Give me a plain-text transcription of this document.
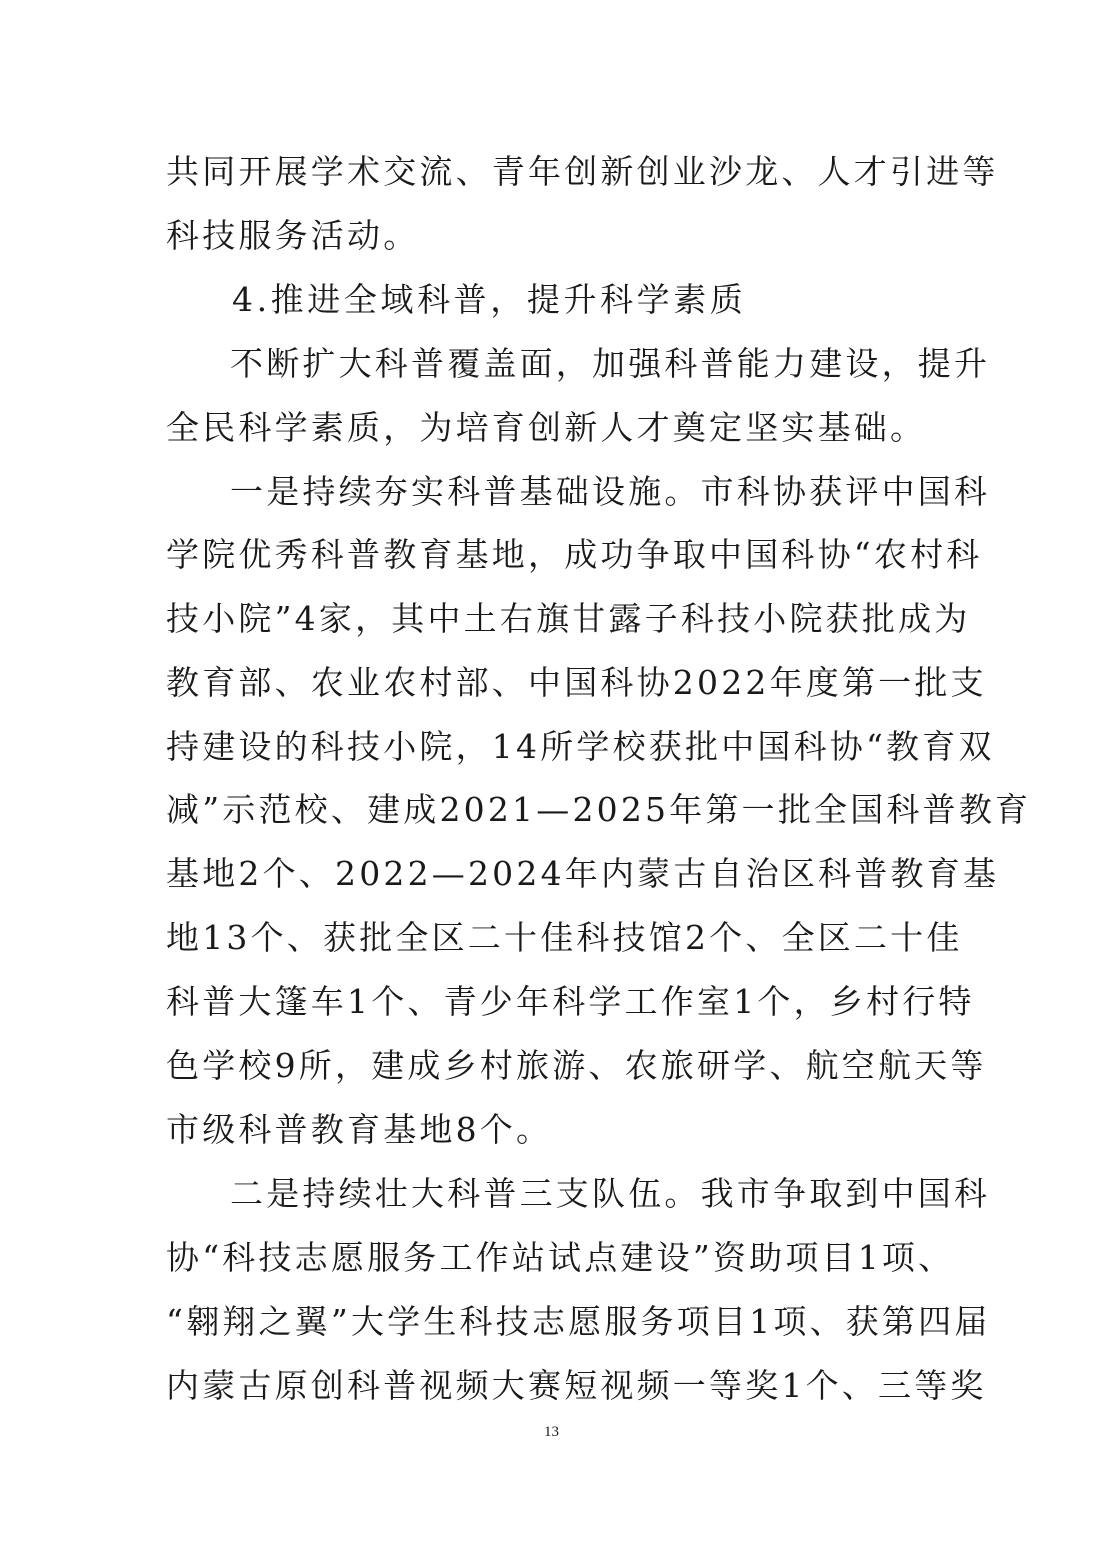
共同开展学术交流、青年创新创业沙龙、人才引进等
科技服务活动。
4.推进全域科普，提升科学素质
不断扩大科普覆盖面，加强科普能力建设，提升
全民科学素质，为培育创新人才奠定坚实基础。
一是持续夯实科普基础设施。市科协获评中国科
学院优秀科普教育基地，成功争取中国科协“农村科
技小院”4家，其中土右旗甘露子科技小院获批成为
教育部、农业农村部、中国科协2022年度第一批支
持建设的科技小院，14所学校获批中国科协“教育双
减”示范校、建成2021—2025年第一批全国科普教育
基地2个、2022—2024年内蒙古自治区科普教育基
地13个、获批全区二十佳科技馆2个、全区二十佳
科普大篷车1个、青少年科学工作室1个，乡村行特
色学校9所，建成乡村旅游、农旅研学、航空航天等
市级科普教育基地8个。
二是持续壮大科普三支队伍。我市争取到中国科
协“科技志愿服务工作站试点建设”资助项目1项、
“翱翔之翼”大学生科技志愿服务项目1项、获第四届
内蒙古原创科普视频大赛短视频一等奖1个、三等奖
13
